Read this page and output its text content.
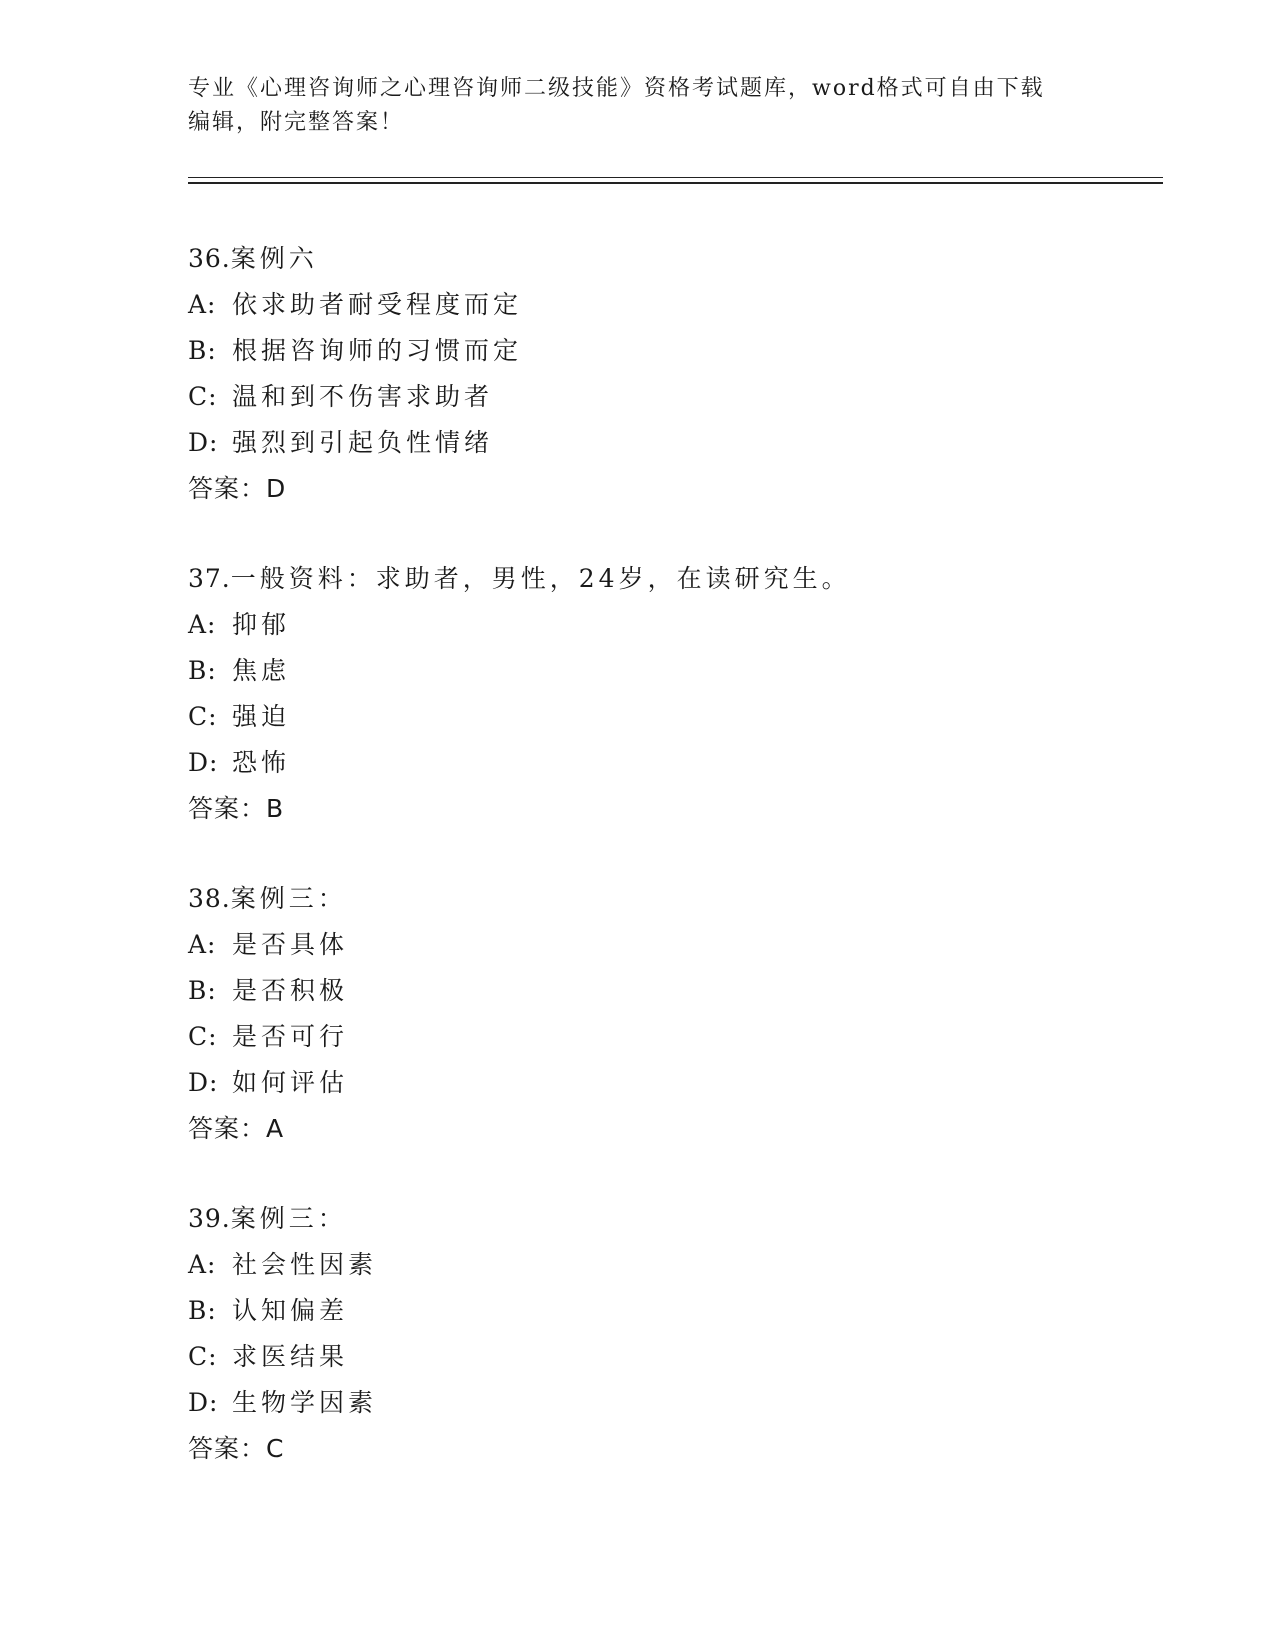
专业《心理咨询师之心理咨询师二级技能》资格考试题库，word格式可自由下载
编辑，附完整答案！
36.案例六
A: 依求助者耐受程度而定
B: 根据咨询师的习惯而定
C: 温和到不伤害求助者
D: 强烈到引起负性情绪
答案：D
37.一般资料：求助者，男性，24岁，在读研究生。
A: 抑郁
B: 焦虑
C: 强迫
D: 恐怖
答案：B
38.案例三：
A: 是否具体
B: 是否积极
C: 是否可行
D: 如何评估
答案：A
39.案例三：
A: 社会性因素
B: 认知偏差
C: 求医结果
D: 生物学因素
答案：C
